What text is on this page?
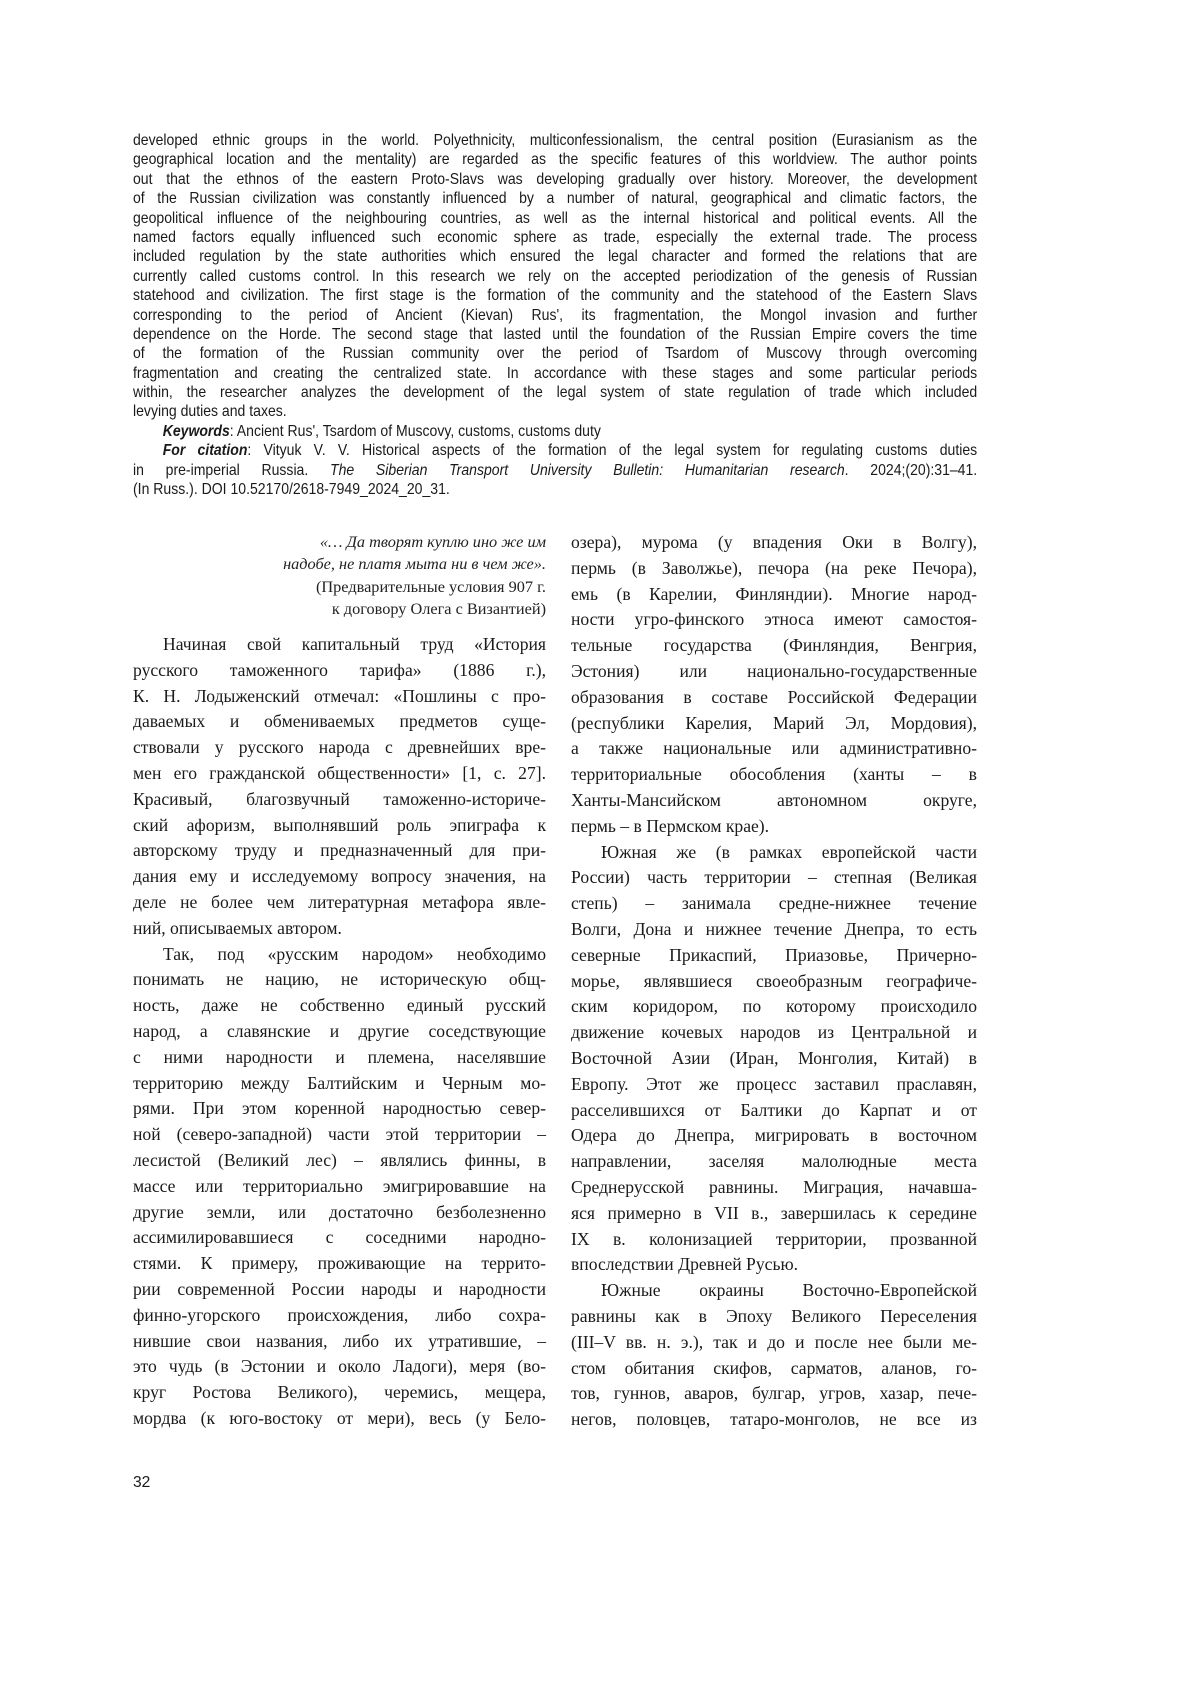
developed ethnic groups in the world. Polyethnicity, multiconfessionalism, the central position (Eurasianism as the
geographical location and the mentality) are regarded as the specific features of this worldview. The author points
out that the ethnos of the eastern Proto-Slavs was developing gradually over history. Moreover, the development
of the Russian civilization was constantly influenced by a number of natural, geographical and climatic factors, the
geopolitical influence of the neighbouring countries, as well as the internal historical and political events. All the
named factors equally influenced such economic sphere as trade, especially the external trade. The process
included regulation by the state authorities which ensured the legal character and formed the relations that are
currently called customs control. In this research we rely on the accepted periodization of the genesis of Russian
statehood and civilization. The first stage is the formation of the community and the statehood of the Eastern Slavs
corresponding to the period of Ancient (Kievan) Rus', its fragmentation, the Mongol invasion and further
dependence on the Horde. The second stage that lasted until the foundation of the Russian Empire covers the time
of the formation of the Russian community over the period of Tsardom of Muscovy through overcoming
fragmentation and creating the centralized state. In accordance with these stages and some particular periods
within, the researcher analyzes the development of the legal system of state regulation of trade which included
levying duties and taxes.
Keywords: Ancient Rus', Tsardom of Muscovy, customs, customs duty
For citation: Vityuk V. V. Historical aspects of the formation of the legal system for regulating customs duties
in pre-imperial Russia. The Siberian Transport University Bulletin: Humanitarian research. 2024;(20):31–41.
(In Russ.). DOI 10.52170/2618-7949_2024_20_31.
«… Да творят куплю ино же им
надобе, не платя мыта ни в чем же».
(Предварительные условия 907 г.
к договору Олега с Византией)
Начиная свой капитальный труд «История
русского таможенного тарифа» (1886 г.),
К. Н. Лодыженский отмечал: «Пошлины с про-
даваемых и обмениваемых предметов суще-
ствовали у русского народа с древнейших вре-
мен его гражданской общественности» [1, с. 27].
Красивый, благозвучный таможенно-историче-
ский афоризм, выполнявший роль эпиграфа к
авторскому труду и предназначенный для при-
дания ему и исследуемому вопросу значения, на
деле не более чем литературная метафора явле-
ний, описываемых автором.
Так, под «русским народом» необходимо
понимать не нацию, не историческую общ-
ность, даже не собственно единый русский
народ, а славянские и другие соседствующие
с ними народности и племена, населявшие
территорию между Балтийским и Черным мо-
рями. При этом коренной народностью север-
ной (северо-западной) части этой территории –
лесистой (Великий лес) – являлись финны, в
массе или территориально эмигрировавшие на
другие земли, или достаточно безболезненно
ассимилировавшиеся с соседними народно-
стями. К примеру, проживающие на террито-
рии современной России народы и народности
финно-угорского происхождения, либо сохра-
нившие свои названия, либо их утратившие, –
это чудь (в Эстонии и около Ладоги), меря (во-
круг Ростова Великого), черемись, мещера,
мордва (к юго-востоку от мери), весь (у Бело-
озера), мурома (у впадения Оки в Волгу),
пермь (в Заволжье), печора (на реке Печора),
емь (в Карелии, Финляндии). Многие народ-
ности угро-финского этноса имеют самостоя-
тельные государства (Финляндия, Венгрия,
Эстония) или национально-государственные
образования в составе Российской Федерации
(республики Карелия, Марий Эл, Мордовия),
а также национальные или административно-
территориальные обособления (ханты – в
Ханты-Мансийском автономном округе,
пермь – в Пермском крае).
Южная же (в рамках европейской части
России) часть территории – степная (Великая
степь) – занимала средне-нижнее течение
Волги, Дона и нижнее течение Днепра, то есть
северные Прикаспий, Приазовье, Причерно-
морье, являвшиеся своеобразным географиче-
ским коридором, по которому происходило
движение кочевых народов из Центральной и
Восточной Азии (Иран, Монголия, Китай) в
Европу. Этот же процесс заставил праславян,
расселившихся от Балтики до Карпат и от
Одера до Днепра, мигрировать в восточном
направлении, заселяя малолюдные места
Среднерусской равнины. Миграция, начавша-
яся примерно в VII в., завершилась к середине
IX в. колонизацией территории, прозванной
впоследствии Древней Русью.
Южные окраины Восточно-Европейской
равнины как в Эпоху Великого Переселения
(III–V вв. н. э.), так и до и после нее были ме-
стом обитания скифов, сарматов, аланов, го-
тов, гуннов, аваров, булгар, угров, хазар, пече-
негов, половцев, татаро-монголов, не все из
32
